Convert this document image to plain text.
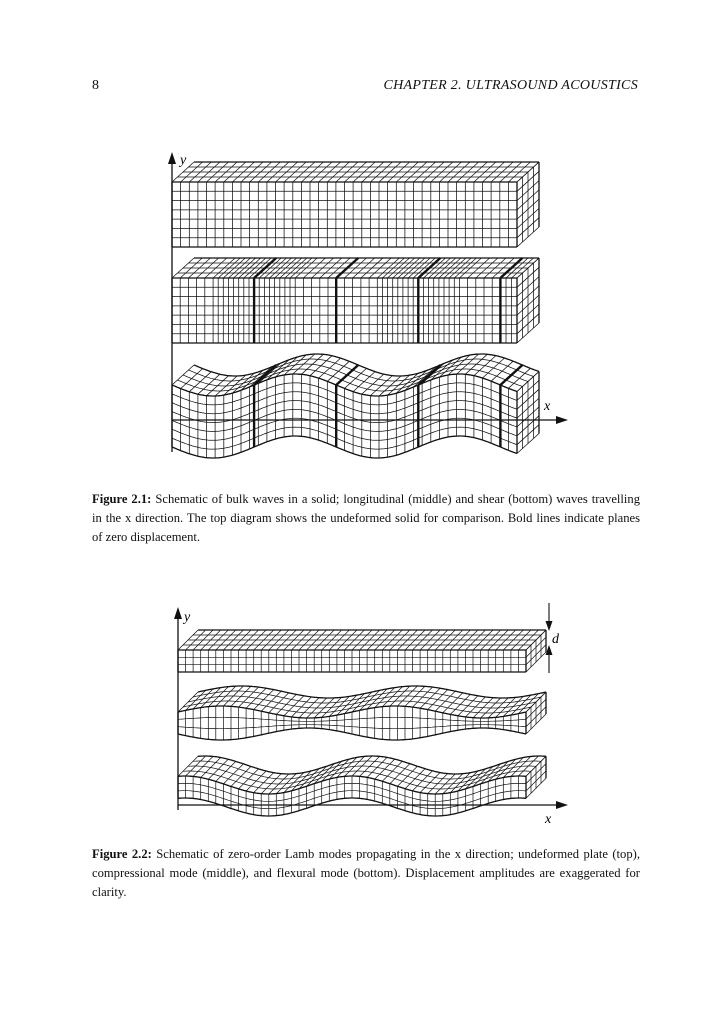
8	CHAPTER 2. ULTRASOUND ACOUSTICS
y
x
Figure 2.1: Schematic of bulk waves in a solid; longitudinal (middle) and shear (bottom) waves travelling in the x direction. The top diagram shows the undeformed solid for comparison. Bold lines indicate planes of zero displacement.
y
x
d
Figure 2.2: Schematic of zero-order Lamb modes propagating in the x direction; undeformed plate (top), compressional mode (middle), and flexural mode (bottom). Displacement amplitudes are exaggerated for clarity.
